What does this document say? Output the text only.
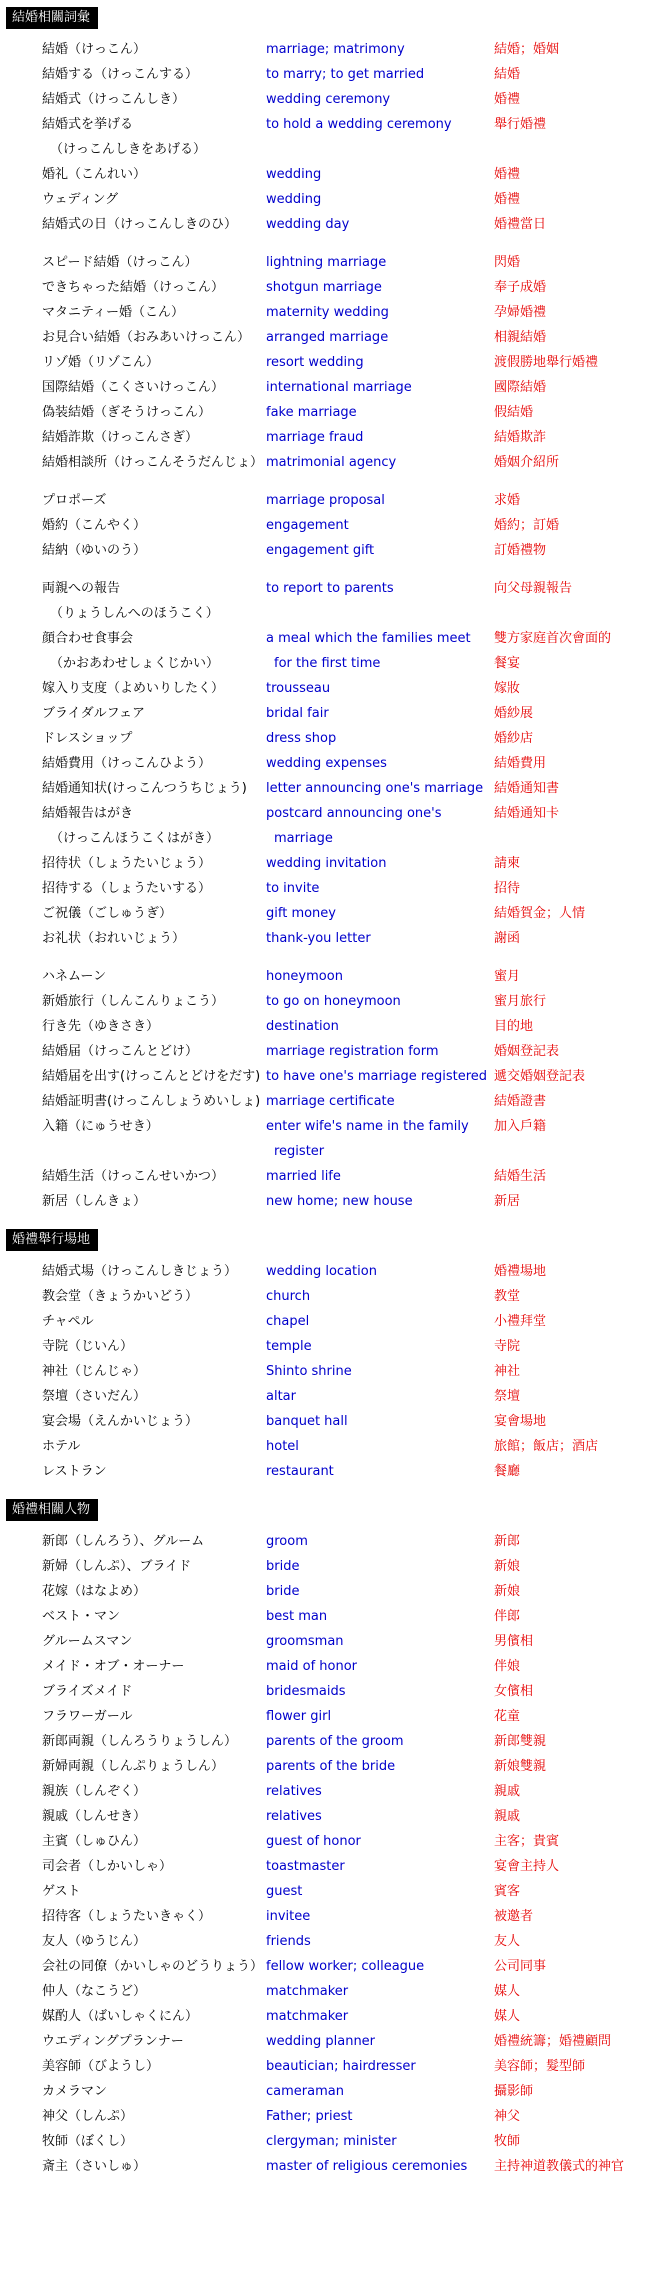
結婚相關詞彙
結婚（けっこん）	marriage; matrimony	結婚；婚姻
結婚する（けっこんする）	to marry; to get married	結婚
結婚式（けっこんしき）	wedding ceremony	婚禮
結婚式を挙げる	to hold a wedding ceremony	舉行婚禮
（けっこんしきをあげる）
婚礼（こんれい）	wedding	婚禮
ウェディング	wedding	婚禮
結婚式の日（けっこんしきのひ）	wedding day	婚禮當日
スピード結婚（けっこん）	lightning marriage	閃婚
できちゃった結婚（けっこん）	shotgun marriage	奉子成婚
マタニティー婚（こん）	maternity wedding	孕婦婚禮
お見合い結婚（おみあいけっこん）	arranged marriage	相親結婚
リゾ婚（リゾこん）	resort wedding	渡假勝地舉行婚禮
国際結婚（こくさいけっこん）	international marriage	國際結婚
偽装結婚（ぎそうけっこん）	fake marriage	假結婚
結婚詐欺（けっこんさぎ）	marriage fraud	結婚欺詐
結婚相談所（けっこんそうだんじょ） matrimonial agency	婚姻介紹所
プロポーズ	marriage proposal	求婚
婚約（こんやく）	engagement	婚約；訂婚
結納（ゆいのう）	engagement gift	訂婚禮物
両親への報告	to report to parents	向父母親報告
（りょうしんへのほうこく）
顔合わせ食事会	a meal which the families meet	雙方家庭首次會面的
（かおあわせしょくじかい）	for the first time	餐宴
嫁入り支度（よめいりしたく）	trousseau	嫁妝
ブライダルフェア	bridal fair	婚紗展
ドレスショップ	dress shop	婚紗店
結婚費用（けっこんひよう）	wedding expenses	結婚費用
結婚通知状(けっこんつうちじょう)	letter announcing one's marriage 結婚通知書
結婚報告はがき	postcard announcing one's	結婚通知卡
（けっこんほうこくはがき）	marriage
招待状（しょうたいじょう）	wedding invitation	請柬
招待する（しょうたいする）	to invite	招待
ご祝儀（ごしゅうぎ）	gift money	結婚賀金；人情
お礼状（おれいじょう）	thank-you letter	謝函
ハネムーン	honeymoon	蜜月
新婚旅行（しんこんりょこう）	to go on honeymoon	蜜月旅行
行き先（ゆきさき）	destination	目的地
結婚届（けっこんとどけ）	marriage registration form	婚姻登記表
結婚届を出す(けっこんとどけをだす) to have one's marriage registered 遞交婚姻登記表
結婚証明書(けっこんしょうめいしょ) marriage certificate	結婚證書
入籍（にゅうせき）	enter wife's name in the family	加入戶籍
register
結婚生活（けっこんせいかつ）	married life	結婚生活
新居（しんきょ）	new home; new house	新居
婚禮舉行場地
結婚式場（けっこんしきじょう）	wedding location	婚禮場地
教会堂（きょうかいどう）	church	教堂
チャペル	chapel	小禮拜堂
寺院（じいん）	temple	寺院
神社（じんじゃ）	Shinto shrine	神社
祭壇（さいだん）	altar	祭壇
宴会場（えんかいじょう）	banquet hall	宴會場地
ホテル	hotel	旅館；飯店；酒店
レストラン	restaurant	餐廳
婚禮相關人物
新郎（しんろう）、グルーム	groom	新郎
新婦（しんぷ）、ブライド	bride	新娘
花嫁（はなよめ）	bride	新娘
ベスト・マン	best man	伴郎
グルームスマン	groomsman	男儐相
メイド・オブ・オーナー	maid of honor	伴娘
ブライズメイド	bridesmaids	女儐相
フラワーガール	flower girl	花童
新郎両親（しんろうりょうしん）	parents of the groom	新郎雙親
新婦両親（しんぷりょうしん）	parents of the bride	新娘雙親
親族（しんぞく）	relatives	親戚
親戚（しんせき）	relatives	親戚
主賓（しゅひん）	guest of honor	主客；貴賓
司会者（しかいしゃ）	toastmaster	宴會主持人
ゲスト	guest	賓客
招待客（しょうたいきゃく）	invitee	被邀者
友人（ゆうじん）	friends	友人
会社の同僚（かいしゃのどうりょう） fellow worker; colleague	公司同事
仲人（なこうど）	matchmaker	媒人
媒酌人（ばいしゃくにん）	matchmaker	媒人
ウエディングプランナー	wedding planner	婚禮統籌；婚禮顧問
美容師（びようし）	beautician; hairdresser	美容師；髮型師
カメラマン	cameraman	攝影師
神父（しんぷ）	Father; priest	神父
牧師（ぼくし）	clergyman; minister	牧師
斎主（さいしゅ）	master of religious ceremonies	主持神道教儀式的神官
